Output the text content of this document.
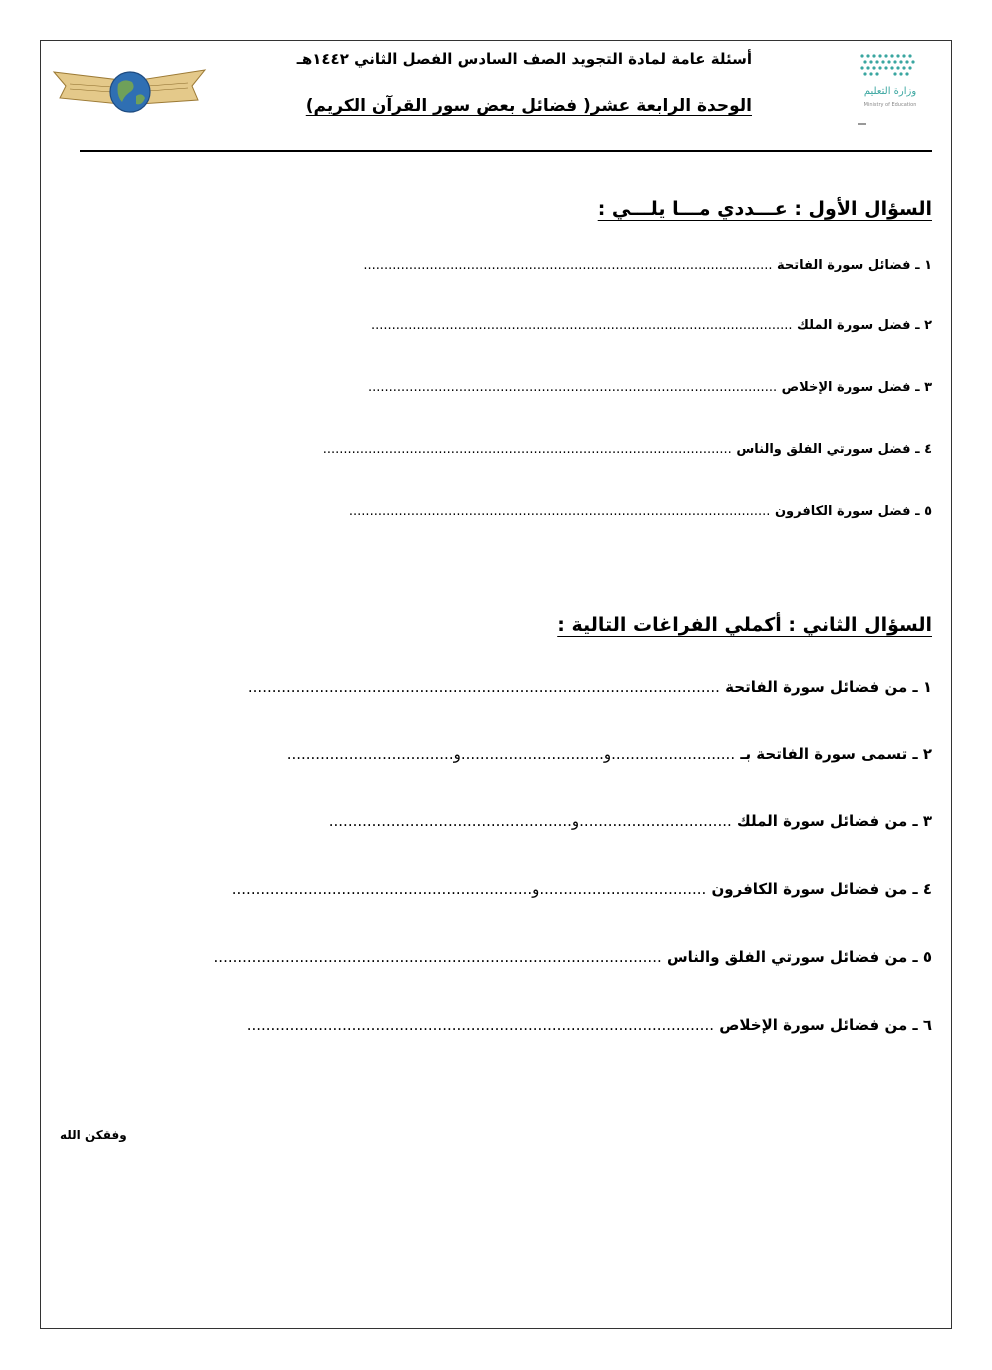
وزارة التعليم
Ministry of Education
أسئلة عامة لمادة التجويد الصف السادس الفصل الثاني ١٤٤٢هـ
الوحدة الرابعة عشر( فضائل بعض سور القرآن الكريم)
السؤال الأول : عـــددي مـــا يلـــي :
١ ـ فضائل سورة الفاتحة ...................................................................................................
٢ ـ فضل سورة الملك ......................................................................................................
٣ ـ فضل سورة الإخلاص ...................................................................................................
٤ ـ فضل سورتي الفلق والناس ...................................................................................................
٥ ـ فضل سورة الكافرون ......................................................................................................
السؤال الثاني : أكملي الفراغات التالية :
١ ـ من فضائل سورة الفاتحة ...................................................................................................
٢ ـ تسمى سورة الفاتحة بـ ..........................و..............................و...................................
٣ ـ من فضائل سورة الملك ................................و...................................................
٤ ـ من فضائل سورة الكافرون ...................................و...............................................................
٥ ـ من فضائل سورتي الفلق والناس ..............................................................................................
٦ ـ من فضائل سورة الإخلاص ..................................................................................................
وفقكن الله
